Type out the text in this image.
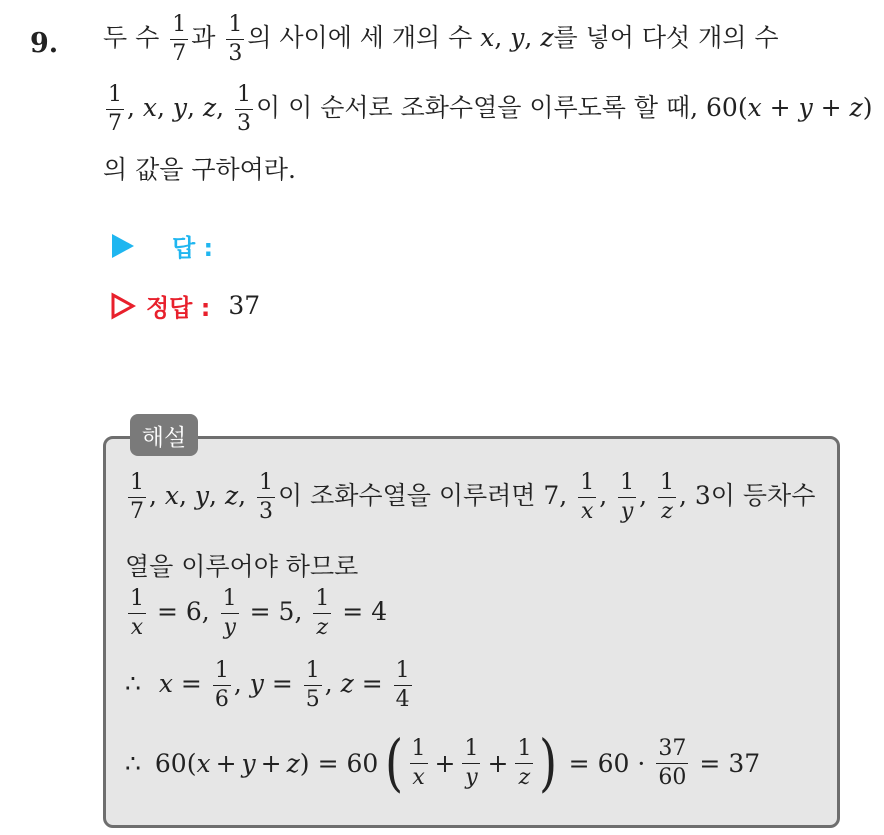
9. 두 수 $\frac{1}{7}$ 과 $\frac{1}{3}$ 의 사이에 세 개의 수 x, y, z를 넣어 다섯 개의 수
$\frac{1}{7}$ , x, y, z, $\frac{1}{3}$ 이 이 순서로 조화수열을 이루도록 할 때, 60(x + y + z)
의 값을 구하여라.
답 :
정답 : 37
해설
$\frac{1}{7}$ , x, y, z, $\frac{1}{3}$ 이 조화수열을 이루려면 7, $\frac{1}{x}$ , $\frac{1}{y}$ , $\frac{1}{z}$ , 3이 등차수
열을 이루어야 하므로
$\frac{1}{x} = 6$, $\frac{1}{y} = 5$, $\frac{1}{z} = 4$
∴ $x = \frac{1}{6}$ , $y = \frac{1}{5}$ , $z = \frac{1}{4}$
∴ 60 ( x + y + z ) = 60 ( $\frac{1}{x} + \frac{1}{y} + \frac{1}{z}$ ) = $60 \cdot \frac{37}{60} = 37$
